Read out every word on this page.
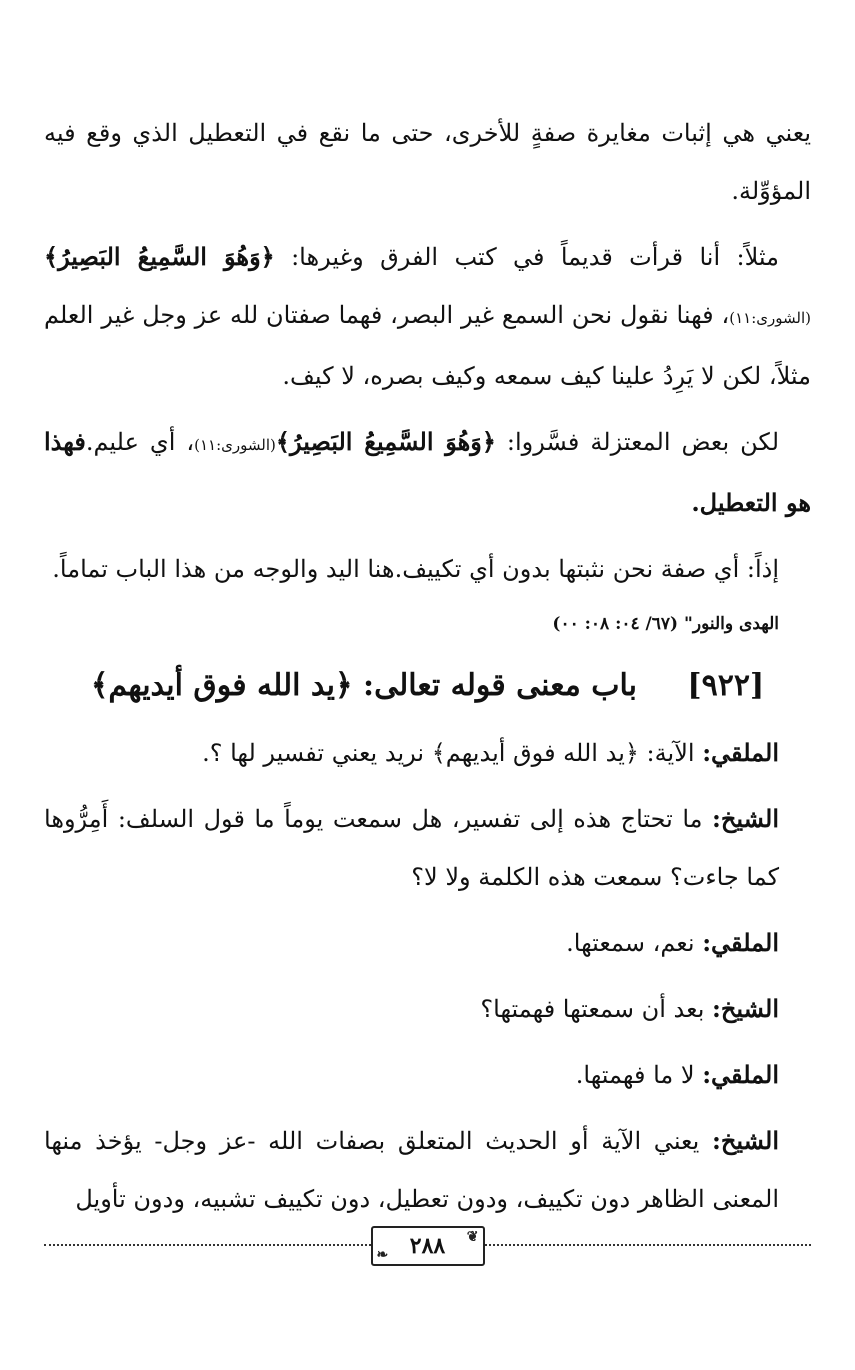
يعني هي إثبات مغايرة صفةٍ للأخرى، حتى ما نقع في التعطيل الذي وقع فيه المؤوِّلة.

مثلاً: أنا قرأت قديماً في كتب الفرق وغيرها: ﴿وَهُوَ السَّمِيعُ البَصِيرُ﴾(الشورى:١١)، فهنا نقول نحن السمع غير البصر، فهما صفتان لله عز وجل غير العلم مثلاً، لكن لا يَرِدُ علينا كيف سمعه وكيف بصره، لا كيف.

لكن بعض المعتزلة فسَّروا: ﴿وَهُوَ السَّمِيعُ البَصِيرُ﴾(الشورى:١١)، أي عليم.فهذا هو التعطيل.

إذاً: أي صفة نحن نثبتها بدون أي تكييف.هنا اليد والوجه من هذا الباب تماماً.

الهدى والنور" (٦٧/ ٠٤: ٠٨: ٠٠)
[٩٢٢] باب معنى قوله تعالى: ﴿يد الله فوق أيديهم﴾

الملقي: الآية: ﴿يد الله فوق أيديهم﴾ نريد يعني تفسير لها ؟.

الشيخ: ما تحتاج هذه إلى تفسير، هل سمعت يوماً ما قول السلف: أَمِرُّوها كما جاءت؟ سمعت هذه الكلمة ولا لا؟

الملقي: نعم، سمعتها.

الشيخ: بعد أن سمعتها فهمتها؟

الملقي: لا ما فهمتها.

الشيخ: يعني الآية أو الحديث المتعلق بصفات الله -عز وجل- يؤخذ منها المعنى الظاهر دون تكييف، ودون تعطيل، دون تكييف تشبيه، ودون تأويل

❦
٢٨٨
❧
